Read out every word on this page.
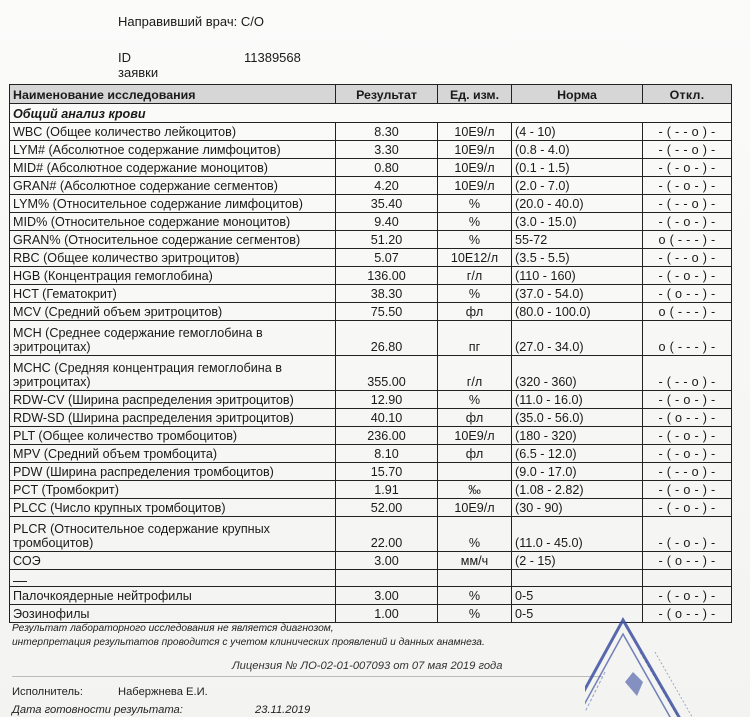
Направивший врач: С/О
ID заявки
11389568
Наименование исследования	Результат	Ед. изм.	Норма	Откл.
Общий анализ крови				
WBC (Общее количество лейкоцитов)	8.30	10E9/л	(4 - 10)	- ( - - o ) -
LYM# (Абсолютное содержание лимфоцитов)	3.30	10E9/л	(0.8 - 4.0)	- ( - - o ) -
MID# (Абсолютное содержание моноцитов)	0.80	10E9/л	(0.1 - 1.5)	- ( - o - ) -
GRAN# (Абсолютное содержание сегментов)	4.20	10E9/л	(2.0 - 7.0)	- ( - o - ) -
LYM% (Относительное содержание лимфоцитов)	35.40	%	(20.0 - 40.0)	- ( - - o ) -
MID% (Относительное содержание моноцитов)	9.40	%	(3.0 - 15.0)	- ( - o - ) -
GRAN% (Относительное содержание сегментов)	51.20	%	55-72	o ( - - - ) -
RBC (Общее количество эритроцитов)	5.07	10E12/л	(3.5 - 5.5)	- ( - - o ) -
HGB (Концентрация гемоглобина)	136.00	г/л	(110 - 160)	- ( - o - ) -
HCT (Гематокрит)	38.30	%	(37.0 - 54.0)	- ( o - - ) -
MCV (Средний объем эритроцитов)	75.50	фл	(80.0 - 100.0)	o ( - - - ) -
MCH (Среднее содержание гемоглобина в эритроцитах)	26.80	пг	(27.0 - 34.0)	o ( - - - ) -
MCHC (Средняя концентрация гемоглобина в эритроцитах)	355.00	г/л	(320 - 360)	- ( - - o ) -
RDW-CV (Ширина распределения эритроцитов)	12.90	%	(11.0 - 16.0)	- ( - o - ) -
RDW-SD (Ширина распределения эритроцитов)	40.10	фл	(35.0 - 56.0)	- ( o - - ) -
PLT (Общее количество тромбоцитов)	236.00	10E9/л	(180 - 320)	- ( - o - ) -
MPV (Средний объем тромбоцита)	8.10	фл	(6.5 - 12.0)	- ( - o - ) -
PDW (Ширина распределения тромбоцитов)	15.70		(9.0 - 17.0)	- ( - - o ) -
PCT (Тромбокрит)	1.91	‰	(1.08 - 2.82)	- ( - o - ) -
PLCC (Число крупных тромбоцитов)	52.00	10E9/л	(30 - 90)	- ( - o - ) -
PLCR (Относительное содержание крупных тромбоцитов)	22.00	%	(11.0 - 45.0)	- ( - o - ) -
СОЭ	3.00	мм/ч	(2 - 15)	- ( o - - ) -

Палочкоядерные нейтрофилы	3.00	%	0-5	- ( - o - ) -
Эозинофилы	1.00	%	0-5	- ( o - - ) -
Результат лабораторного исследования не является диагнозом,
интерпретация результатов проводится с учетом клинических проявлений и данных анамнеза.
Лицензия № ЛО-02-01-007093 от 07 мая 2019 года
Исполнитель:	Набержнева Е.И.
Дата готовности результата:	23.11.2019
